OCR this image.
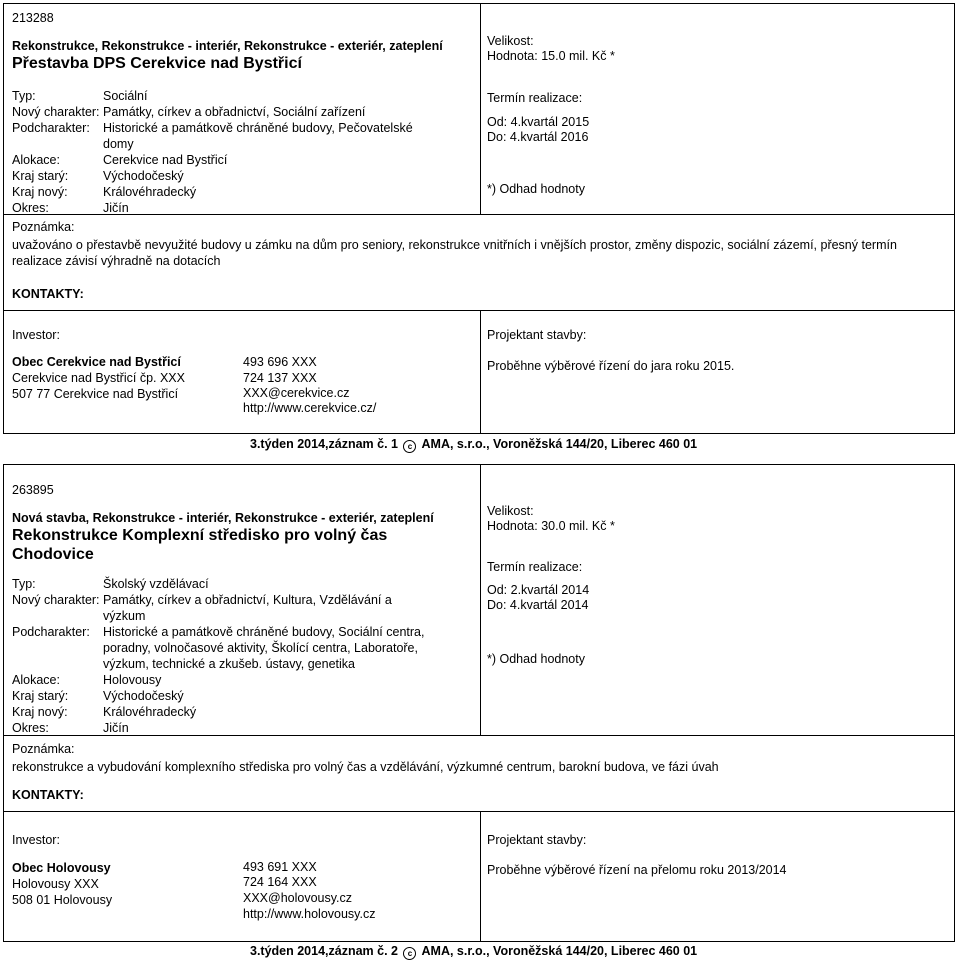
213288
Rekonstrukce, Rekonstrukce - interiér, Rekonstrukce - exteriér, zateplení
Přestavba DPS Cerekvice nad Bystřicí
Typ:	Sociální
Nový charakter: Památky, církev a obřadnictví, Sociální zařízení
Podcharakter: Historické a památkově chráněné budovy, Pečovatelské domy
Alokace:	Cerekvice nad Bystřicí
Kraj starý:	Východočeský
Kraj nový:	Královéhradecký
Okres:	Jičín
Velikost:
Hodnota: 15.0 mil. Kč *
Termín realizace:
Od: 4.kvartál 2015
Do: 4.kvartál 2016
*) Odhad hodnoty
Poznámka:
uvažováno o přestavbě nevyužité budovy u zámku na dům pro seniory, rekonstrukce vnitřních i vnějších prostor, změny dispozic, sociální zázemí, přesný termín realizace závisí výhradně na dotacích
KONTAKTY:
Investor:
Obec Cerekvice nad Bystřicí
Cerekvice nad Bystřicí čp. XXX
507 77 Cerekvice nad Bystřicí
493 696 XXX
724 137 XXX
XXX@cerekvice.cz
http://www.cerekvice.cz/
Projektant stavby:
Proběhne výběrové řízení do jara roku 2015.
3.týden 2014,záznam č. 1 c AMA, s.r.o., Voroněžská 144/20, Liberec 460 01
263895
Nová stavba, Rekonstrukce - interiér, Rekonstrukce - exteriér, zateplení
Rekonstrukce Komplexní středisko pro volný čas Chodovice
Typ:	Školský vzdělávací
Nový charakter: Památky, církev a obřadnictví, Kultura, Vzdělávání a výzkum
Podcharakter: Historické a památkově chráněné budovy, Sociální centra, poradny, volnočasové aktivity, Školící centra, Laboratoře, výzkum, technické a zkušeb. ústavy, genetika
Alokace:	Holovousy
Kraj starý:	Východočeský
Kraj nový:	Královéhradecký
Okres:	Jičín
Velikost:
Hodnota: 30.0 mil. Kč *
Termín realizace:
Od: 2.kvartál 2014
Do: 4.kvartál 2014
*) Odhad hodnoty
Poznámka:
rekonstrukce a vybudování komplexního střediska pro volný čas a vzdělávání, výzkumné centrum, barokní budova, ve fázi úvah
KONTAKTY:
Investor:
Obec Holovousy
Holovousy XXX
508 01 Holovousy
493 691 XXX
724 164 XXX
XXX@holovousy.cz
http://www.holovousy.cz
Projektant stavby:
Proběhne výběrové řízení na přelomu roku 2013/2014
3.týden 2014,záznam č. 2 c AMA, s.r.o., Voroněžská 144/20, Liberec 460 01
